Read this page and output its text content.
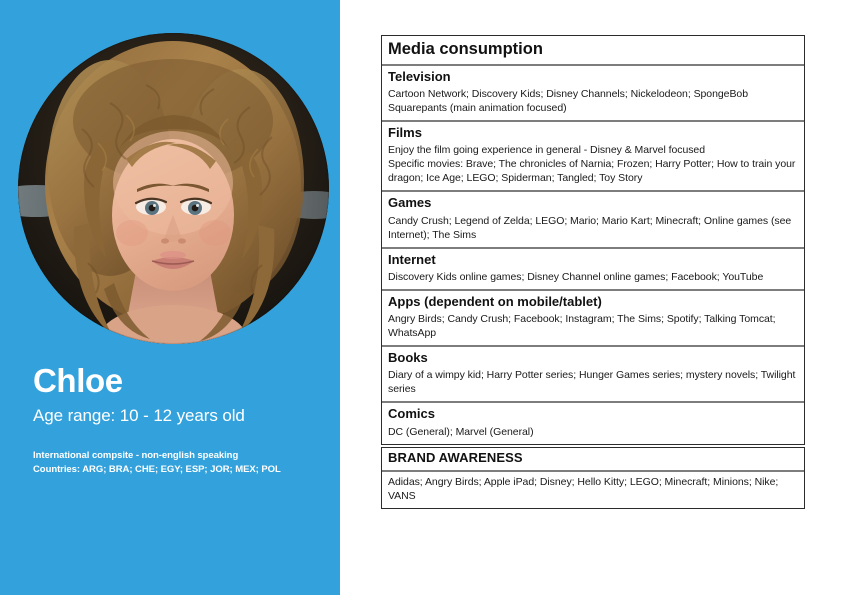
Chloe
Age range: 10 - 12 years old
International compsite - non-english speaking
Countries: ARG; BRA; CHE; EGY; ESP; JOR; MEX; POL
Media consumption
Television
Cartoon Network; Discovery Kids; Disney Channels; Nickelodeon; SpongeBob Squarepants (main animation focused)
Films
Enjoy the film going experience in general - Disney & Marvel focused
Specific movies: Brave; The chronicles of Narnia; Frozen; Harry Potter; How to train your dragon; Ice Age; LEGO; Spiderman; Tangled; Toy Story
Games
Candy Crush; Legend of Zelda; LEGO; Mario; Mario Kart; Minecraft; Online games (see Internet); The Sims
Internet
Discovery Kids online games; Disney Channel online games; Facebook; YouTube
Apps (dependent on mobile/tablet)
Angry Birds; Candy Crush; Facebook; Instagram; The Sims; Spotify; Talking Tomcat; WhatsApp
Books
Diary of a wimpy kid; Harry Potter series; Hunger Games series; mystery novels; Twilight series
Comics
DC (General); Marvel (General)
BRAND AWARENESS
Adidas; Angry Birds; Apple iPad; Disney; Hello Kitty; LEGO; Minecraft; Minions; Nike; VANS
